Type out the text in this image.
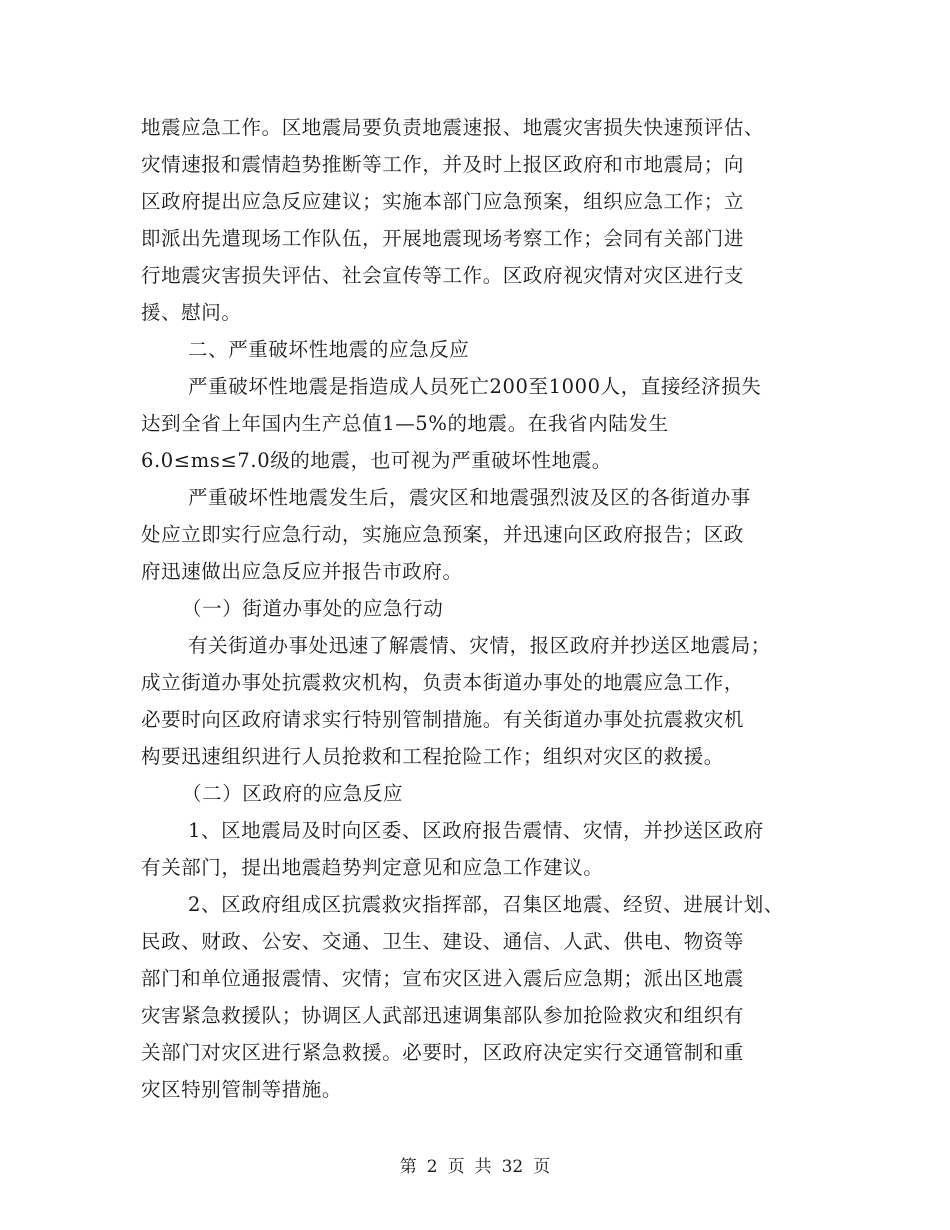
地震应急工作。区地震局要负责地震速报、地震灾害损失快速预评估、
灾情速报和震情趋势推断等工作，并及时上报区政府和市地震局；向
区政府提出应急反应建议；实施本部门应急预案，组织应急工作；立
即派出先遣现场工作队伍，开展地震现场考察工作；会同有关部门进
行地震灾害损失评估、社会宣传等工作。区政府视灾情对灾区进行支
援、慰问。
二、严重破坏性地震的应急反应
严重破坏性地震是指造成人员死亡200至1000人，直接经济损失
达到全省上年国内生产总值1—5%的地震。在我省内陆发生
6.0≤ms≤7.0级的地震，也可视为严重破坏性地震。
严重破坏性地震发生后，震灾区和地震强烈波及区的各街道办事
处应立即实行应急行动，实施应急预案，并迅速向区政府报告；区政
府迅速做出应急反应并报告市政府。
（一）街道办事处的应急行动
有关街道办事处迅速了解震情、灾情，报区政府并抄送区地震局；
成立街道办事处抗震救灾机构，负责本街道办事处的地震应急工作，
必要时向区政府请求实行特别管制措施。有关街道办事处抗震救灾机
构要迅速组织进行人员抢救和工程抢险工作；组织对灾区的救援。
（二）区政府的应急反应
1、区地震局及时向区委、区政府报告震情、灾情，并抄送区政府
有关部门，提出地震趋势判定意见和应急工作建议。
2、区政府组成区抗震救灾指挥部，召集区地震、经贸、进展计划、
民政、财政、公安、交通、卫生、建设、通信、人武、供电、物资等
部门和单位通报震情、灾情；宣布灾区进入震后应急期；派出区地震
灾害紧急救援队；协调区人武部迅速调集部队参加抢险救灾和组织有
关部门对灾区进行紧急救援。必要时，区政府决定实行交通管制和重
灾区特别管制等措施。
第 2 页 共 32 页
